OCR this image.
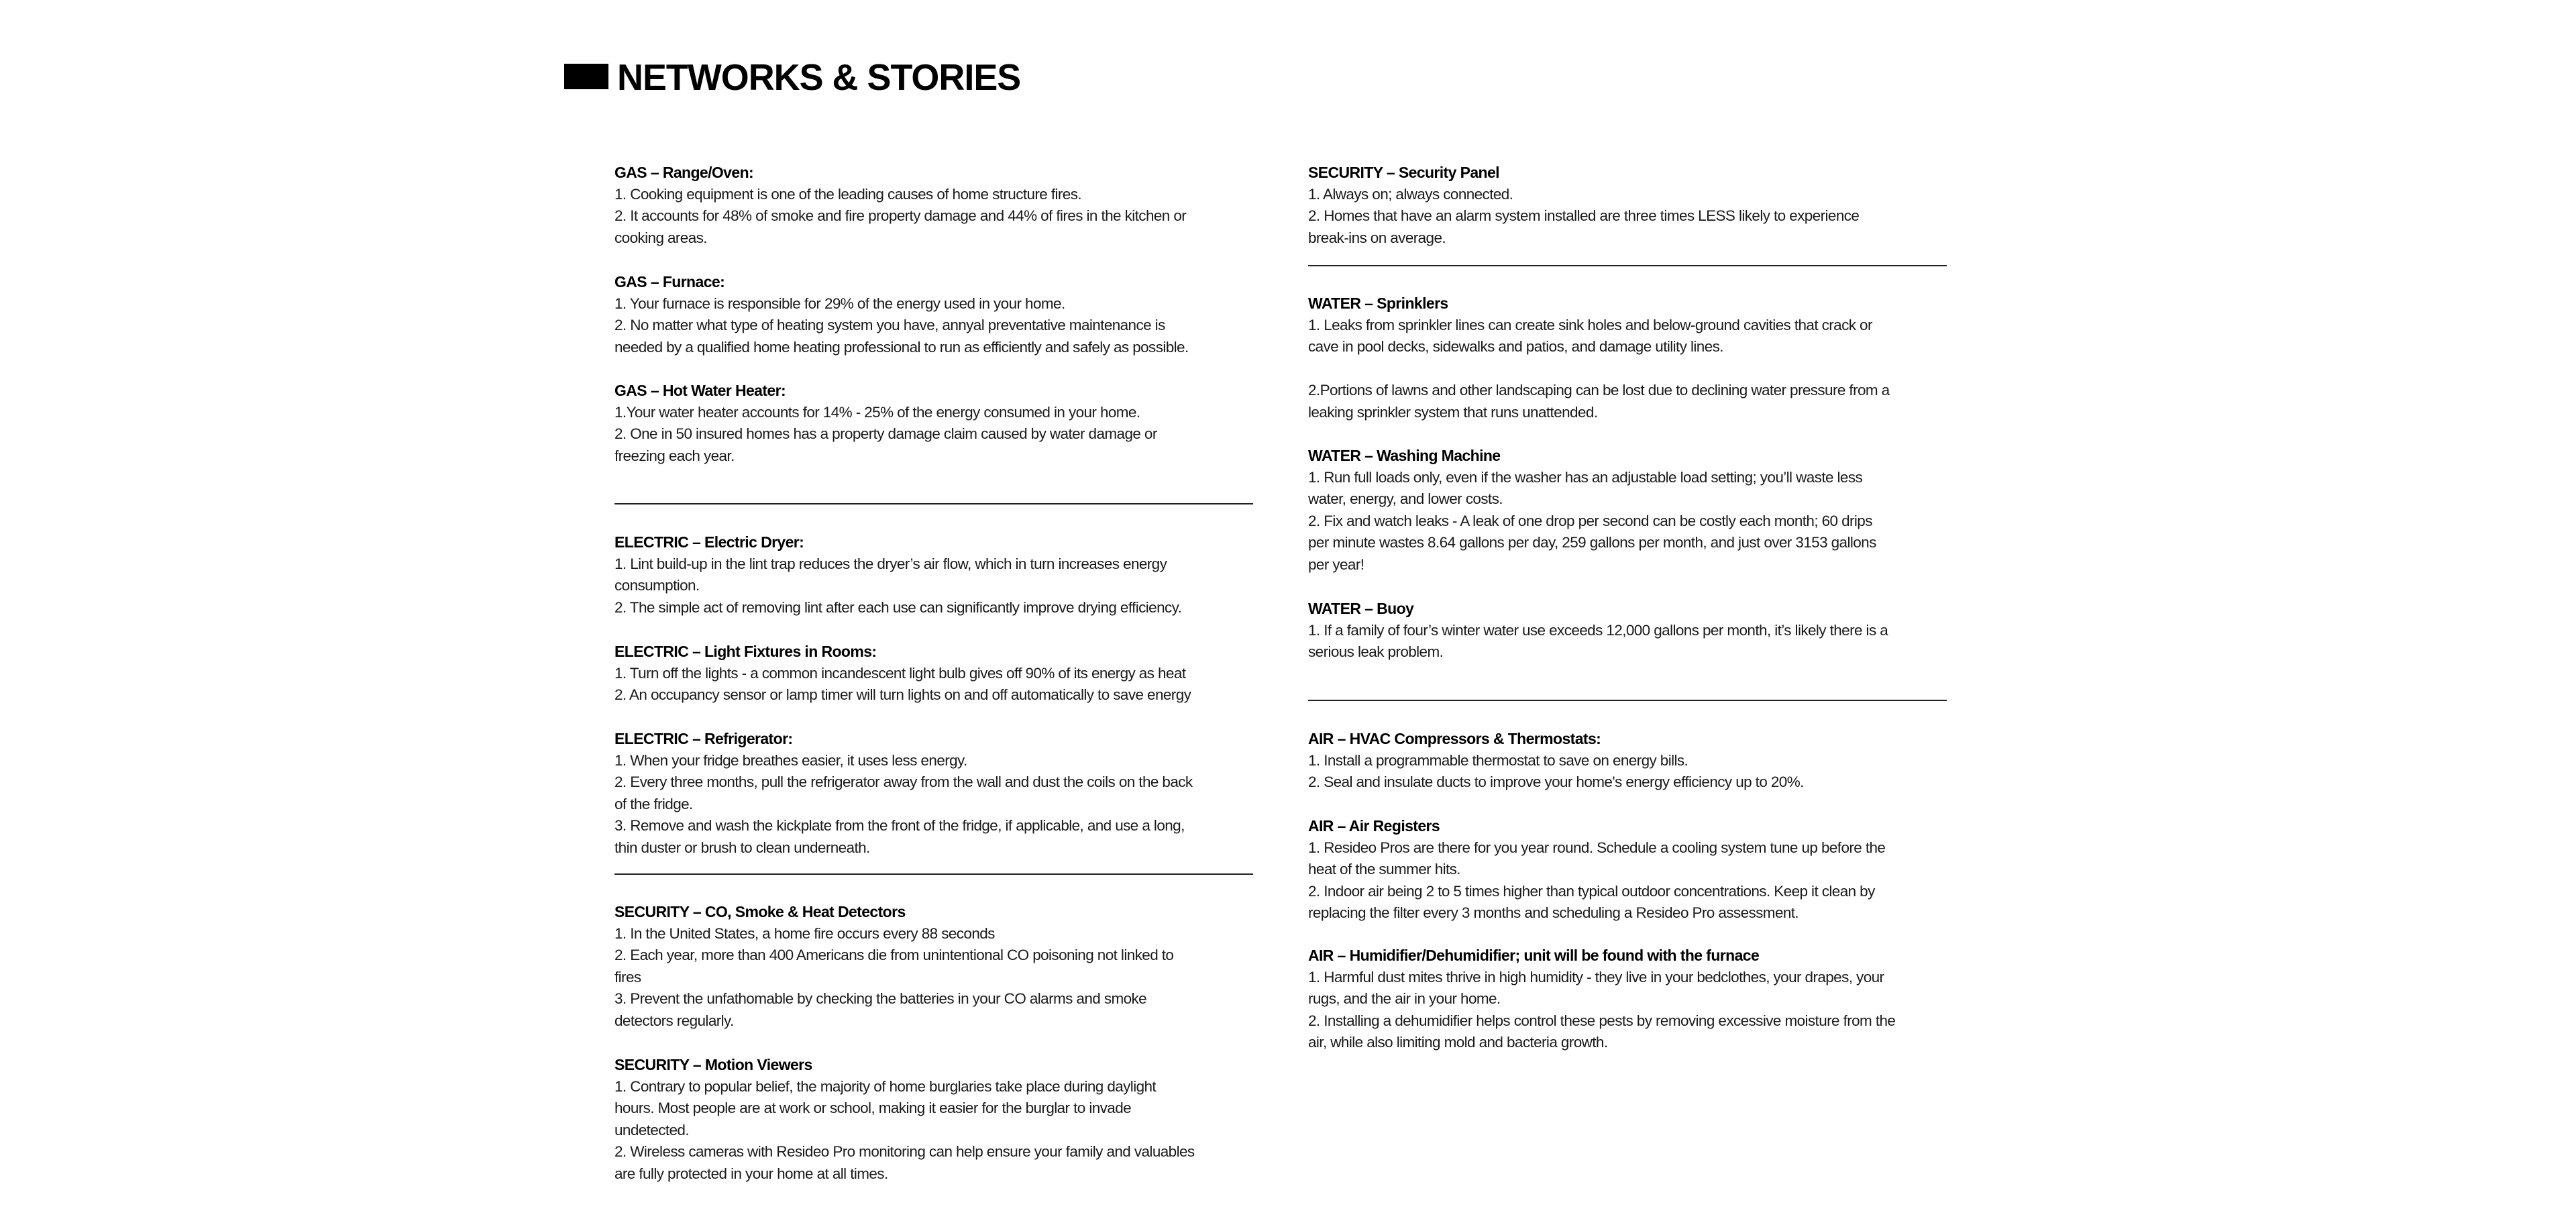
NETWORKS & STORIES
GAS – Range/Oven:
1. Cooking equipment is one of the leading causes of home structure fires.
2. It accounts for 48% of smoke and fire property damage and 44% of fires in the kitchen or
cooking areas.
GAS – Furnace:
1. Your furnace is responsible for 29% of the energy used in your home.
2. No matter what type of heating system you have, annyal preventative maintenance is
needed by a qualified home heating professional to run as efficiently and safely as possible.
GAS – Hot Water Heater:
1.Your water heater accounts for 14% - 25% of the energy consumed in your home.
2. One in 50 insured homes has a property damage claim caused by water damage or
freezing each year.
ELECTRIC – Electric Dryer:
1. Lint build-up in the lint trap reduces the dryer’s air flow, which in turn increases energy
consumption.
2. The simple act of removing lint after each use can significantly improve drying efficiency.
ELECTRIC – Light Fixtures in Rooms:
1. Turn off the lights - a common incandescent light bulb gives off 90% of its energy as heat
2. An occupancy sensor or lamp timer will turn lights on and off automatically to save energy
ELECTRIC – Refrigerator:
1. When your fridge breathes easier, it uses less energy.
2. Every three months, pull the refrigerator away from the wall and dust the coils on the back
of the fridge.
3. Remove and wash the kickplate from the front of the fridge, if applicable, and use a long,
thin duster or brush to clean underneath.
SECURITY – CO, Smoke & Heat Detectors
1. In the United States, a home fire occurs every 88 seconds
2. Each year, more than 400 Americans die from unintentional CO poisoning not linked to
fires
3. Prevent the unfathomable by checking the batteries in your CO alarms and smoke
detectors regularly.
SECURITY – Motion Viewers
1. Contrary to popular belief, the majority of home burglaries take place during daylight
hours. Most people are at work or school, making it easier for the burglar to invade
undetected.
2. Wireless cameras with Resideo Pro monitoring can help ensure your family and valuables
are fully protected in your home at all times.
SECURITY – Security Panel
1. Always on; always connected.
2. Homes that have an alarm system installed are three times LESS likely to experience
break-ins on average.
WATER – Sprinklers
1. Leaks from sprinkler lines can create sink holes and below-ground cavities that crack or
cave in pool decks, sidewalks and patios, and damage utility lines.
2.Portions of lawns and other landscaping can be lost due to declining water pressure from a
leaking sprinkler system that runs unattended.
WATER – Washing Machine
1. Run full loads only, even if the washer has an adjustable load setting; you’ll waste less
water, energy, and lower costs.
2. Fix and watch leaks - A leak of one drop per second can be costly each month; 60 drips
per minute wastes 8.64 gallons per day, 259 gallons per month, and just over 3153 gallons
per year!
WATER – Buoy
1. If a family of four’s winter water use exceeds 12,000 gallons per month, it’s likely there is a
serious leak problem.
AIR – HVAC Compressors & Thermostats:
1. Install a programmable thermostat to save on energy bills.
2. Seal and insulate ducts to improve your home's energy efficiency up to 20%.
AIR – Air Registers
1. Resideo Pros are there for you year round. Schedule a cooling system tune up before the
heat of the summer hits.
2. Indoor air being 2 to 5 times higher than typical outdoor concentrations. Keep it clean by
replacing the filter every 3 months and scheduling a Resideo Pro assessment.
AIR – Humidifier/Dehumidifier; unit will be found with the furnace
1. Harmful dust mites thrive in high humidity - they live in your bedclothes, your drapes, your
rugs, and the air in your home.
2. Installing a dehumidifier helps control these pests by removing excessive moisture from the
air, while also limiting mold and bacteria growth.
